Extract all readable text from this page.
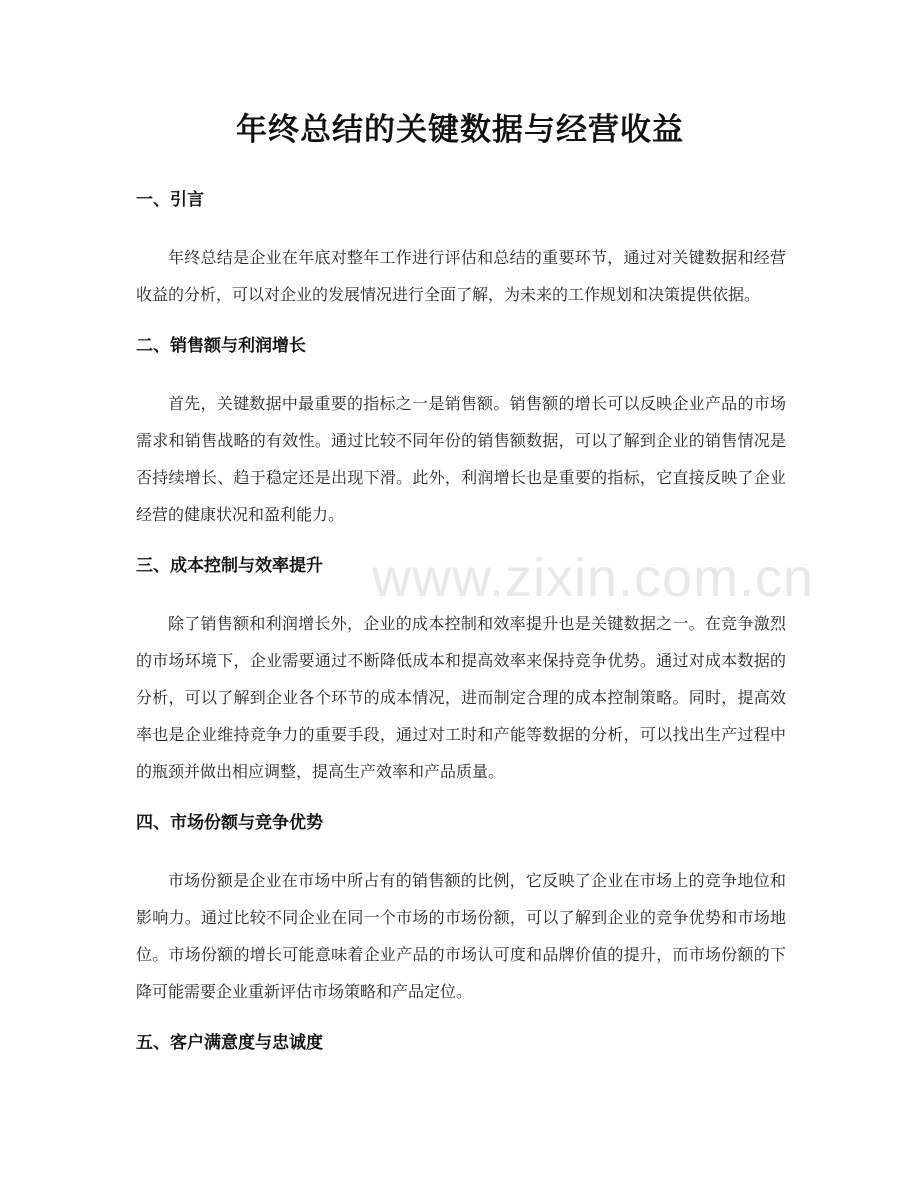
www.zixin.com.cn
年终总结的关键数据与经营收益
一、引言

年终总结是企业在年底对整年工作进行评估和总结的重要环节，通过对关键数据和经营收益的分析，可以对企业的发展情况进行全面了解，为未来的工作规划和决策提供依据。

二、销售额与利润增长

首先，关键数据中最重要的指标之一是销售额。销售额的增长可以反映企业产品的市场需求和销售战略的有效性。通过比较不同年份的销售额数据，可以了解到企业的销售情况是否持续增长、趋于稳定还是出现下滑。此外，利润增长也是重要的指标，它直接反映了企业经营的健康状况和盈利能力。

三、成本控制与效率提升

除了销售额和利润增长外，企业的成本控制和效率提升也是关键数据之一。在竞争激烈的市场环境下，企业需要通过不断降低成本和提高效率来保持竞争优势。通过对成本数据的分析，可以了解到企业各个环节的成本情况，进而制定合理的成本控制策略。同时，提高效率也是企业维持竞争力的重要手段，通过对工时和产能等数据的分析，可以找出生产过程中的瓶颈并做出相应调整，提高生产效率和产品质量。

四、市场份额与竞争优势

市场份额是企业在市场中所占有的销售额的比例，它反映了企业在市场上的竞争地位和影响力。通过比较不同企业在同一个市场的市场份额，可以了解到企业的竞争优势和市场地位。市场份额的增长可能意味着企业产品的市场认可度和品牌价值的提升，而市场份额的下降可能需要企业重新评估市场策略和产品定位。

五、客户满意度与忠诚度
